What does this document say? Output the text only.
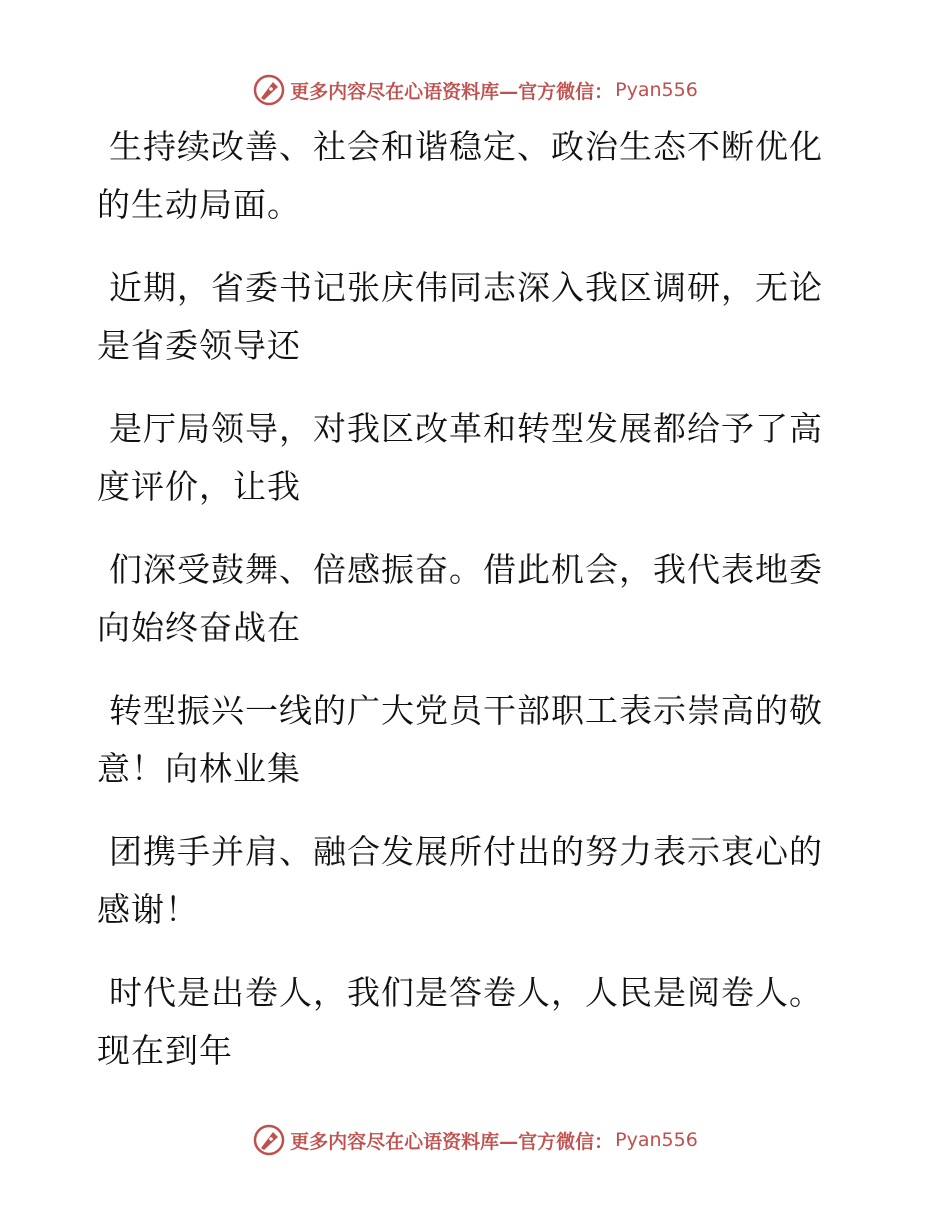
更多内容尽在心语资料库—官方微信： Pyan556

生持续改善、社会和谐稳定、政治生态不断优化
的生动局面。

近期，省委书记张庆伟同志深入我区调研，无论
是省委领导还

是厅局领导，对我区改革和转型发展都给予了高
度评价，让我

们深受鼓舞、倍感振奋。借此机会，我代表地委
向始终奋战在

转型振兴一线的广大党员干部职工表示崇高的敬
意！向林业集

团携手并肩、融合发展所付出的努力表示衷心的
感谢！

时代是出卷人，我们是答卷人，人民是阅卷人。
现在到年

更多内容尽在心语资料库—官方微信： Pyan556
